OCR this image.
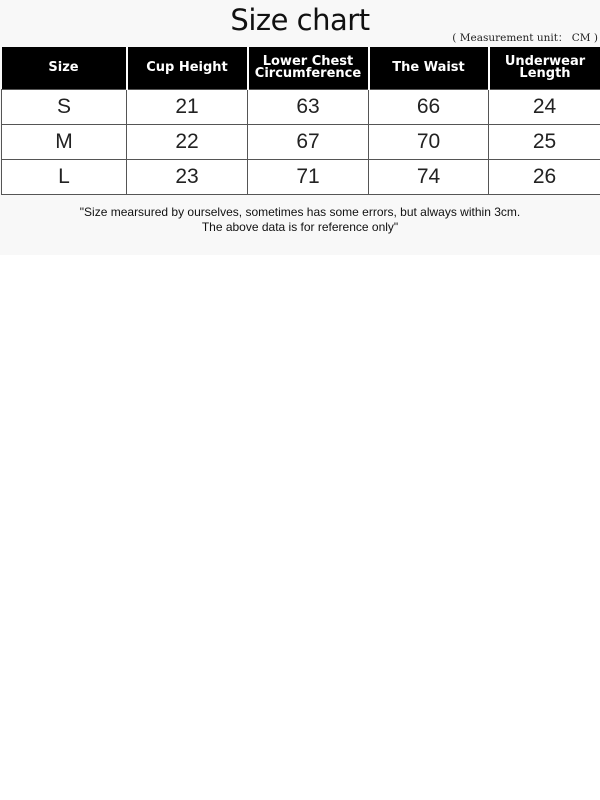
Size chart
( Measurement unit： CM )
Size	Cup Height	Lower Chest Circumference	The Waist	Underwear Length
S	21	63	66	24
M	22	67	70	25
L	23	71	74	26
"Size mearsured by ourselves, sometimes has some errors, but always within 3cm.
The above data is for reference only"
